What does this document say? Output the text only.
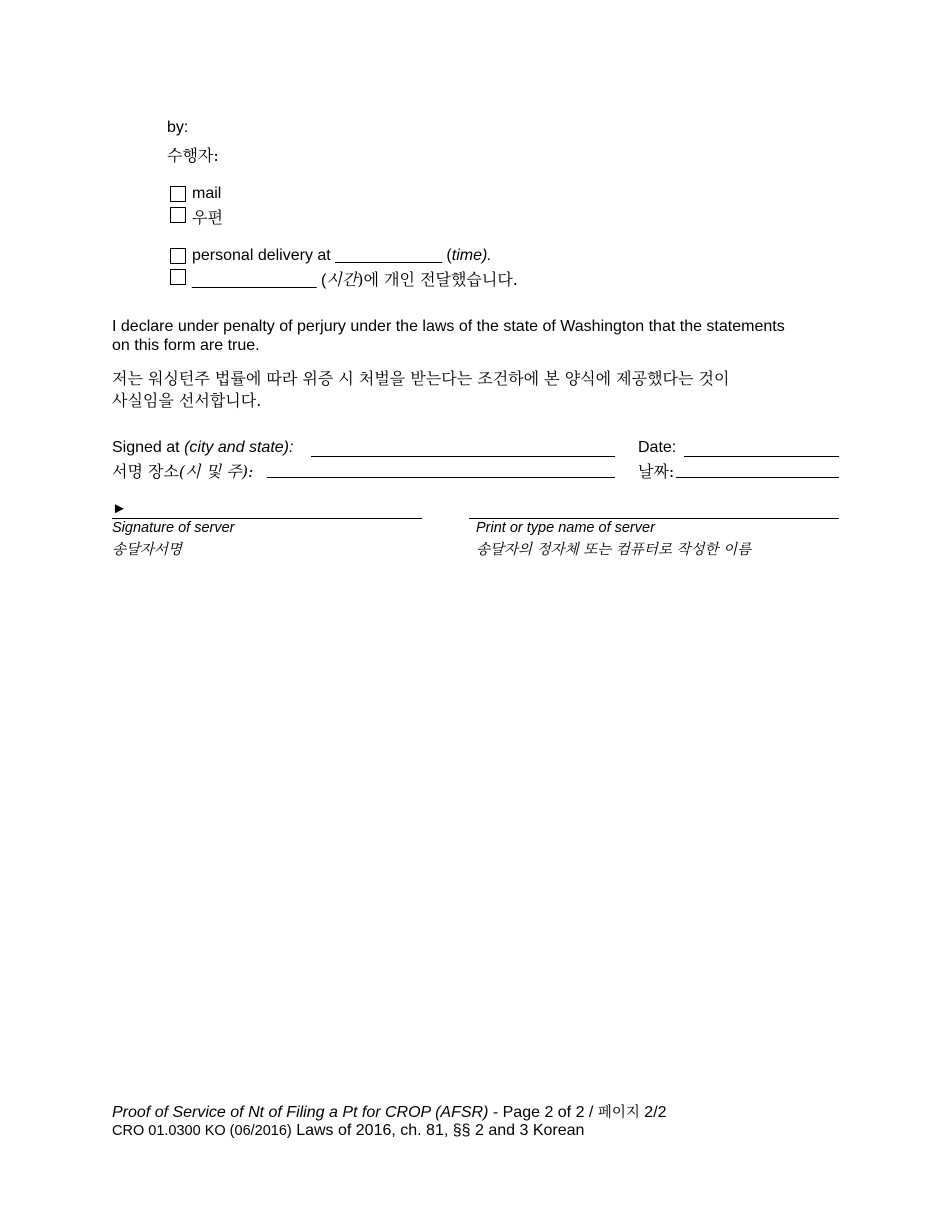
by:
수행자:
mail
우편
personal delivery at ____________ (time).
______________ (시간)에 개인 전달했습니다.
I declare under penalty of perjury under the laws of the state of Washington that the statements
on this form are true.
저는 워싱턴주 법률에 따라 위증 시 처벌을 받는다는 조건하에 본 양식에 제공했다는 것이
사실임을 선서합니다.
Signed at (city and state):
서명 장소(시 및 주):
Date:
날짜:
►
Signature of server
송달자서명
Print or type name of server
송달자의 정자체 또는 컴퓨터로 작성한 이름
Proof of Service of Nt of Filing a Pt for CROP (AFSR) - Page 2 of 2 / 페이지 2/2
CRO 01.0300 KO (06/2016) Laws of 2016, ch. 81, §§ 2 and 3 Korean
